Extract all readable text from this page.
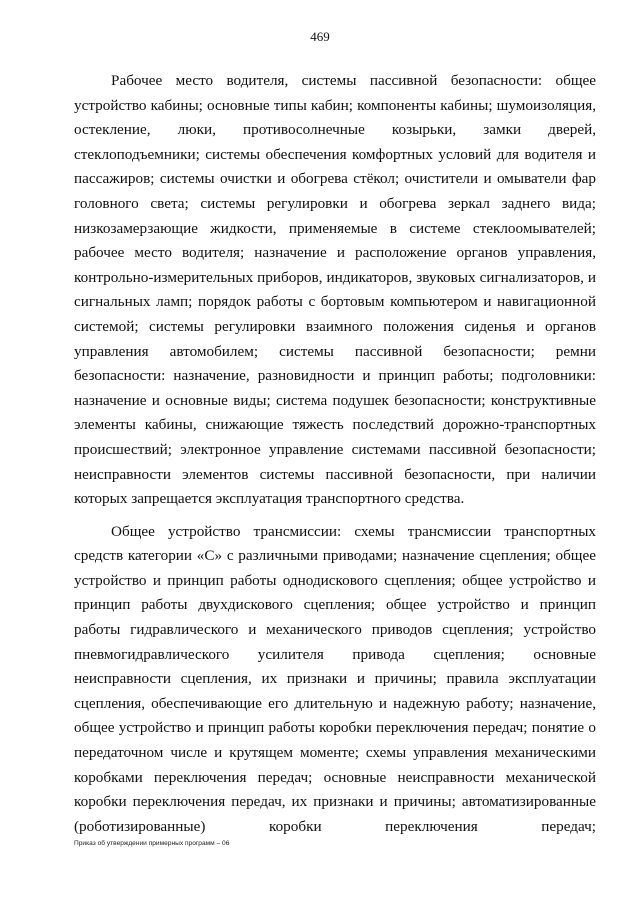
469

Рабочее место водителя, системы пассивной безопасности: общее устройство кабины; основные типы кабин; компоненты кабины; шумоизоляция, остекление, люки, противосолнечные козырьки, замки дверей, стеклоподъемники; системы обеспечения комфортных условий для водителя и пассажиров; системы очистки и обогрева стёкол; очистители и омыватели фар головного света; системы регулировки и обогрева зеркал заднего вида; низкозамерзающие жидкости, применяемые в системе стеклоомывателей; рабочее место водителя; назначение и расположение органов управления, контрольно-измерительных приборов, индикаторов, звуковых сигнализаторов, и сигнальных ламп; порядок работы с бортовым компьютером и навигационной системой; системы регулировки взаимного положения сиденья и органов управления автомобилем; системы пассивной безопасности; ремни безопасности: назначение, разновидности и принцип работы; подголовники: назначение и основные виды; система подушек безопасности; конструктивные элементы кабины, снижающие тяжесть последствий дорожно-транспортных происшествий; электронное управление системами пассивной безопасности; неисправности элементов системы пассивной безопасности, при наличии которых запрещается эксплуатация транспортного средства.

Общее устройство трансмиссии: схемы трансмиссии транспортных средств категории «С» с различными приводами; назначение сцепления; общее устройство и принцип работы однодискового сцепления; общее устройство и принцип работы двухдискового сцепления; общее устройство и принцип работы гидравлического и механического приводов сцепления; устройство пневмогидравлического усилителя привода сцепления; основные неисправности сцепления, их признаки и причины; правила эксплуатации сцепления, обеспечивающие его длительную и надежную работу; назначение, общее устройство и принцип работы коробки переключения передач; понятие о передаточном числе и крутящем моменте; схемы управления механическими коробками переключения передач; основные неисправности механической коробки переключения передач, их признаки и причины; автоматизированные (роботизированные) коробки переключения передач;

Приказ об утверждении примерных программ – 06
